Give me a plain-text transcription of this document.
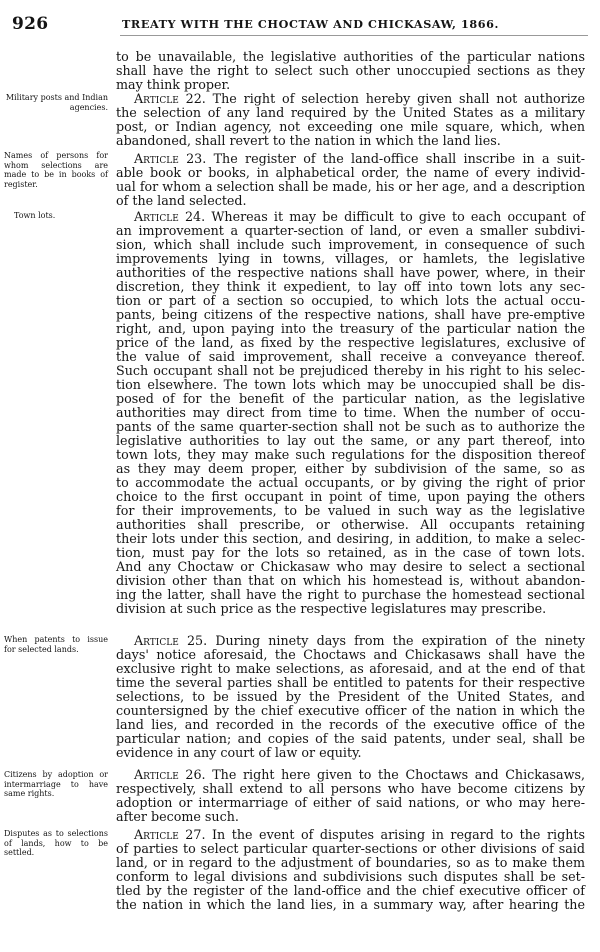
926	TREATY WITH THE CHOCTAW AND CHICKASAW, 1866.
Military posts and Indian agencies.
Names of persons for whom selections are made to be in books of register.
Town lots.
When patents to issue for selected lands.
Citizens by adoption or intermarriage to have same rights.
Disputes as to selections of lands, how to be settled.
to be unavailable, the legislative authorities of the particular nations
shall have the right to select such other unoccupied sections as they
may think proper.
Article 22. The right of selection hereby given shall not authorize
the selection of any land required by the United States as a military
post, or Indian agency, not exceeding one mile square, which, when
abandoned, shall revert to the nation in which the land lies.
Article 23. The register of the land-office shall inscribe in a suit-
able book or books, in alphabetical order, the name of every individ-
ual for whom a selection shall be made, his or her age, and a description
of the land selected.
Article 24. Whereas it may be difficult to give to each occupant of
an improvement a quarter-section of land, or even a smaller subdivi-
sion, which shall include such improvement, in consequence of such
improvements lying in towns, villages, or hamlets, the legislative
authorities of the respective nations shall have power, where, in their
discretion, they think it expedient, to lay off into town lots any sec-
tion or part of a section so occupied, to which lots the actual occu-
pants, being citizens of the respective nations, shall have pre-emptive
right, and, upon paying into the treasury of the particular nation the
price of the land, as fixed by the respective legislatures, exclusive of
the value of said improvement, shall receive a conveyance thereof.
Such occupant shall not be prejudiced thereby in his right to his selec-
tion elsewhere. The town lots which may be unoccupied shall be dis-
posed of for the benefit of the particular nation, as the legislative
authorities may direct from time to time. When the number of occu-
pants of the same quarter-section shall not be such as to authorize the
legislative authorities to lay out the same, or any part thereof, into
town lots, they may make such regulations for the disposition thereof
as they may deem proper, either by subdivision of the same, so as
to accommodate the actual occupants, or by giving the right of prior
choice to the first occupant in point of time, upon paying the others
for their improvements, to be valued in such way as the legislative
authorities shall prescribe, or otherwise. All occupants retaining
their lots under this section, and desiring, in addition, to make a selec-
tion, must pay for the lots so retained, as in the case of town lots.
And any Choctaw or Chickasaw who may desire to select a sectional
division other than that on which his homestead is, without abandon-
ing the latter, shall have the right to purchase the homestead sectional
division at such price as the respective legislatures may prescribe.
Article 25. During ninety days from the expiration of the ninety
days' notice aforesaid, the Choctaws and Chickasaws shall have the
exclusive right to make selections, as aforesaid, and at the end of that
time the several parties shall be entitled to patents for their respective
selections, to be issued by the President of the United States, and
countersigned by the chief executive officer of the nation in which the
land lies, and recorded in the records of the executive office of the
particular nation; and copies of the said patents, under seal, shall be
evidence in any court of law or equity.
Article 26. The right here given to the Choctaws and Chickasaws,
respectively, shall extend to all persons who have become citizens by
adoption or intermarriage of either of said nations, or who may here-
after become such.
Article 27. In the event of disputes arising in regard to the rights
of parties to select particular quarter-sections or other divisions of said
land, or in regard to the adjustment of boundaries, so as to make them
conform to legal divisions and subdivisions such disputes shall be set-
tled by the register of the land-office and the chief executive officer of
the nation in which the land lies, in a summary way, after hearing the
